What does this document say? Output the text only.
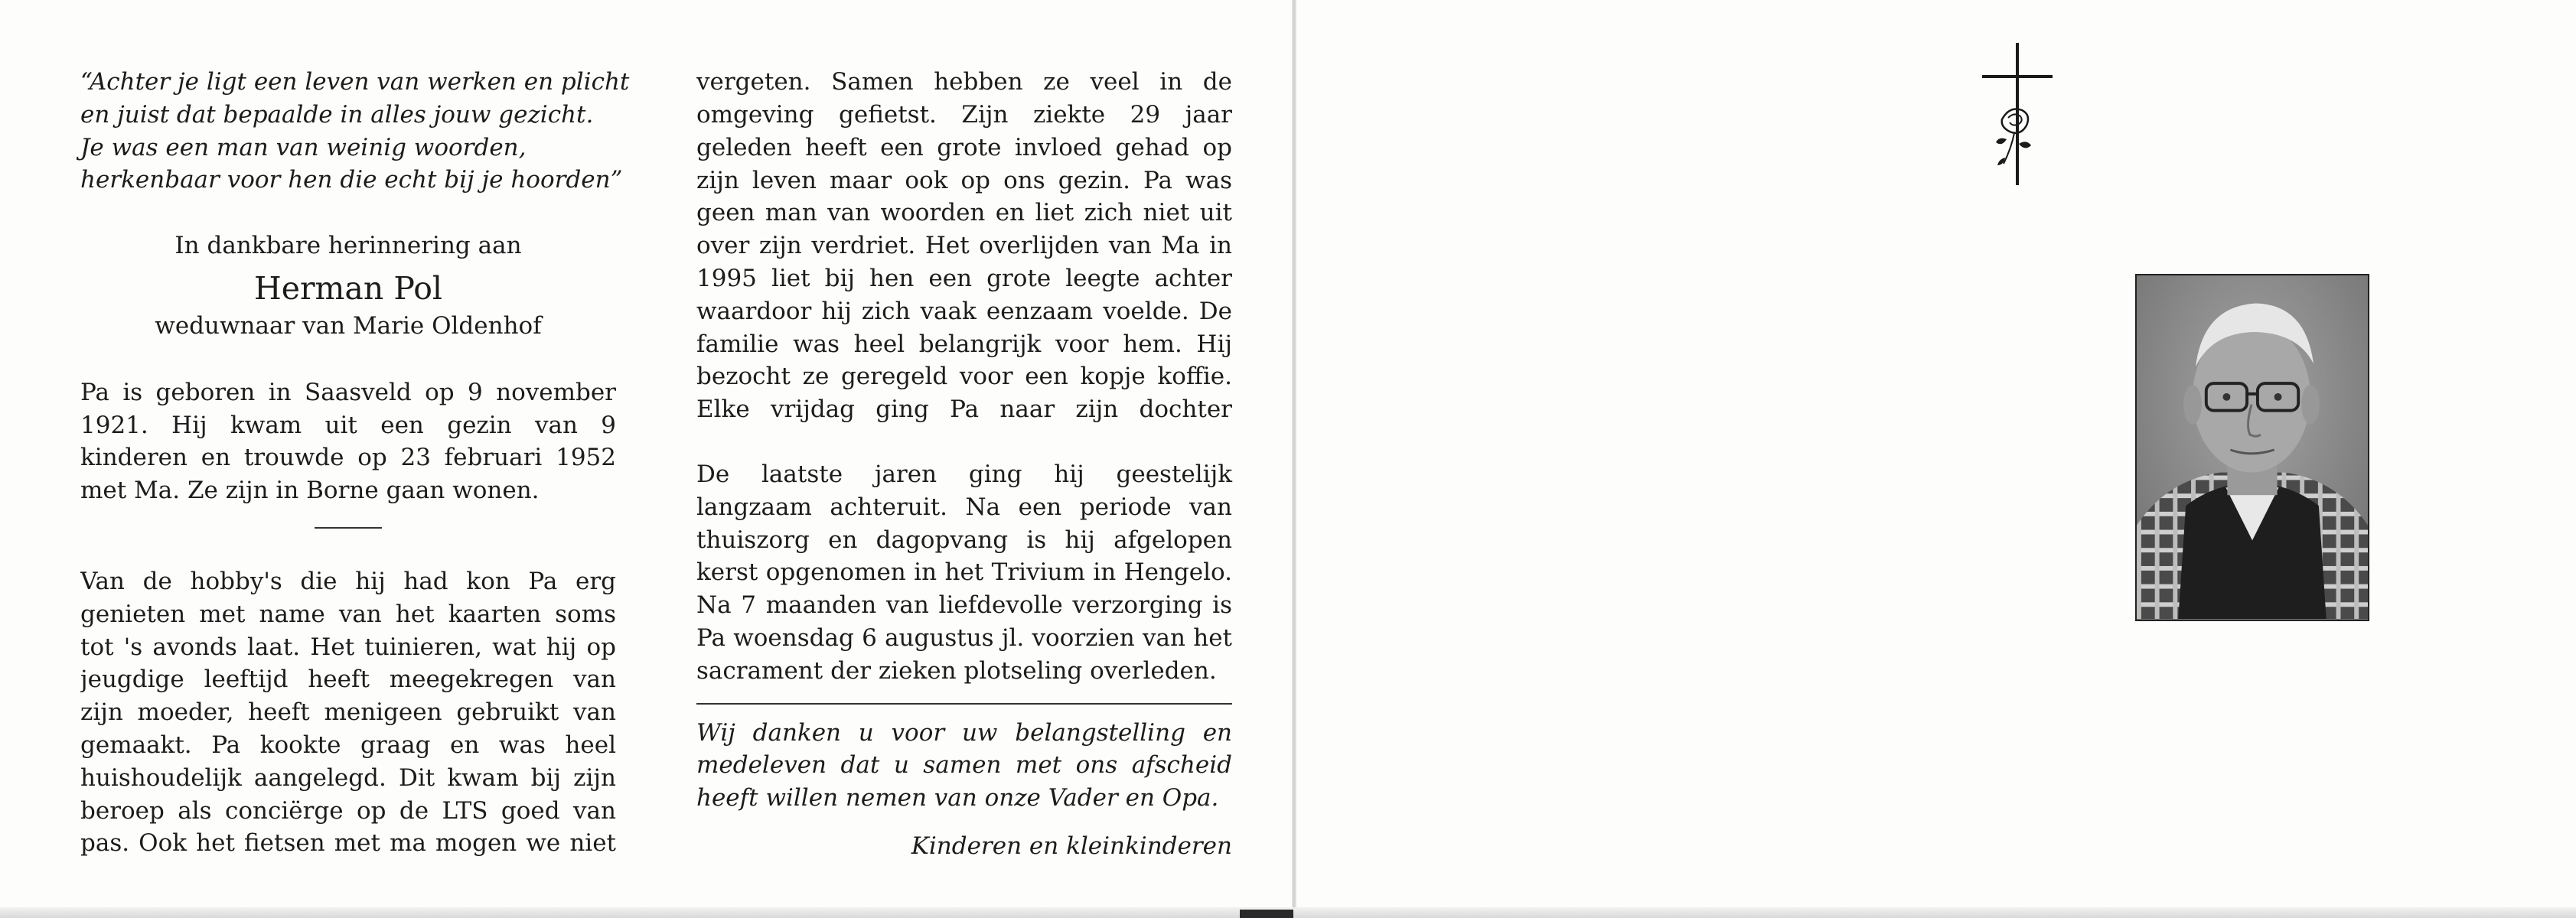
“Achter je ligt een leven van werken en plicht
en juist dat bepaalde in alles jouw gezicht.
Je was een man van weinig woorden,
herkenbaar voor hen die echt bij je hoorden”

In dankbare herinnering aan

Herman Pol

weduwnaar van Marie Oldenhof

Pa is geboren in Saasveld op 9 november 1921. Hij kwam uit een gezin van 9 kinderen en trouwde op 23 februari 1952 met Ma. Ze zijn in Borne gaan wonen.

Van de hobby's die hij had kon Pa erg genieten met name van het kaarten soms tot 's avonds laat. Het tuinieren, wat hij op jeugdige leeftijd heeft meegekregen van zijn moeder, heeft menigeen gebruikt van gemaakt. Pa kookte graag en was heel huishoudelijk aangelegd. Dit kwam bij zijn beroep als conciërge op de LTS goed van pas. Ook het fietsen met ma mogen we niet

vergeten. Samen hebben ze veel in de omgeving gefietst. Zijn ziekte 29 jaar geleden heeft een grote invloed gehad op zijn leven maar ook op ons gezin. Pa was geen man van woorden en liet zich niet uit over zijn verdriet. Het overlijden van Ma in 1995 liet bij hen een grote leegte achter waardoor hij zich vaak eenzaam voelde. De familie was heel belangrijk voor hem. Hij bezocht ze geregeld voor een kopje koffie. Elke vrijdag ging Pa naar zijn dochter

De laatste jaren ging hij geestelijk langzaam achteruit. Na een periode van thuiszorg en dagopvang is hij afgelopen kerst opgenomen in het Trivium in Hengelo. Na 7 maanden van liefdevolle verzorging is Pa woensdag 6 augustus jl. voorzien van het sacrament der zieken plotseling overleden.

Wij danken u voor uw belangstelling en medeleven dat u samen met ons afscheid heeft willen nemen van onze Vader en Opa.

Kinderen en kleinkinderen
